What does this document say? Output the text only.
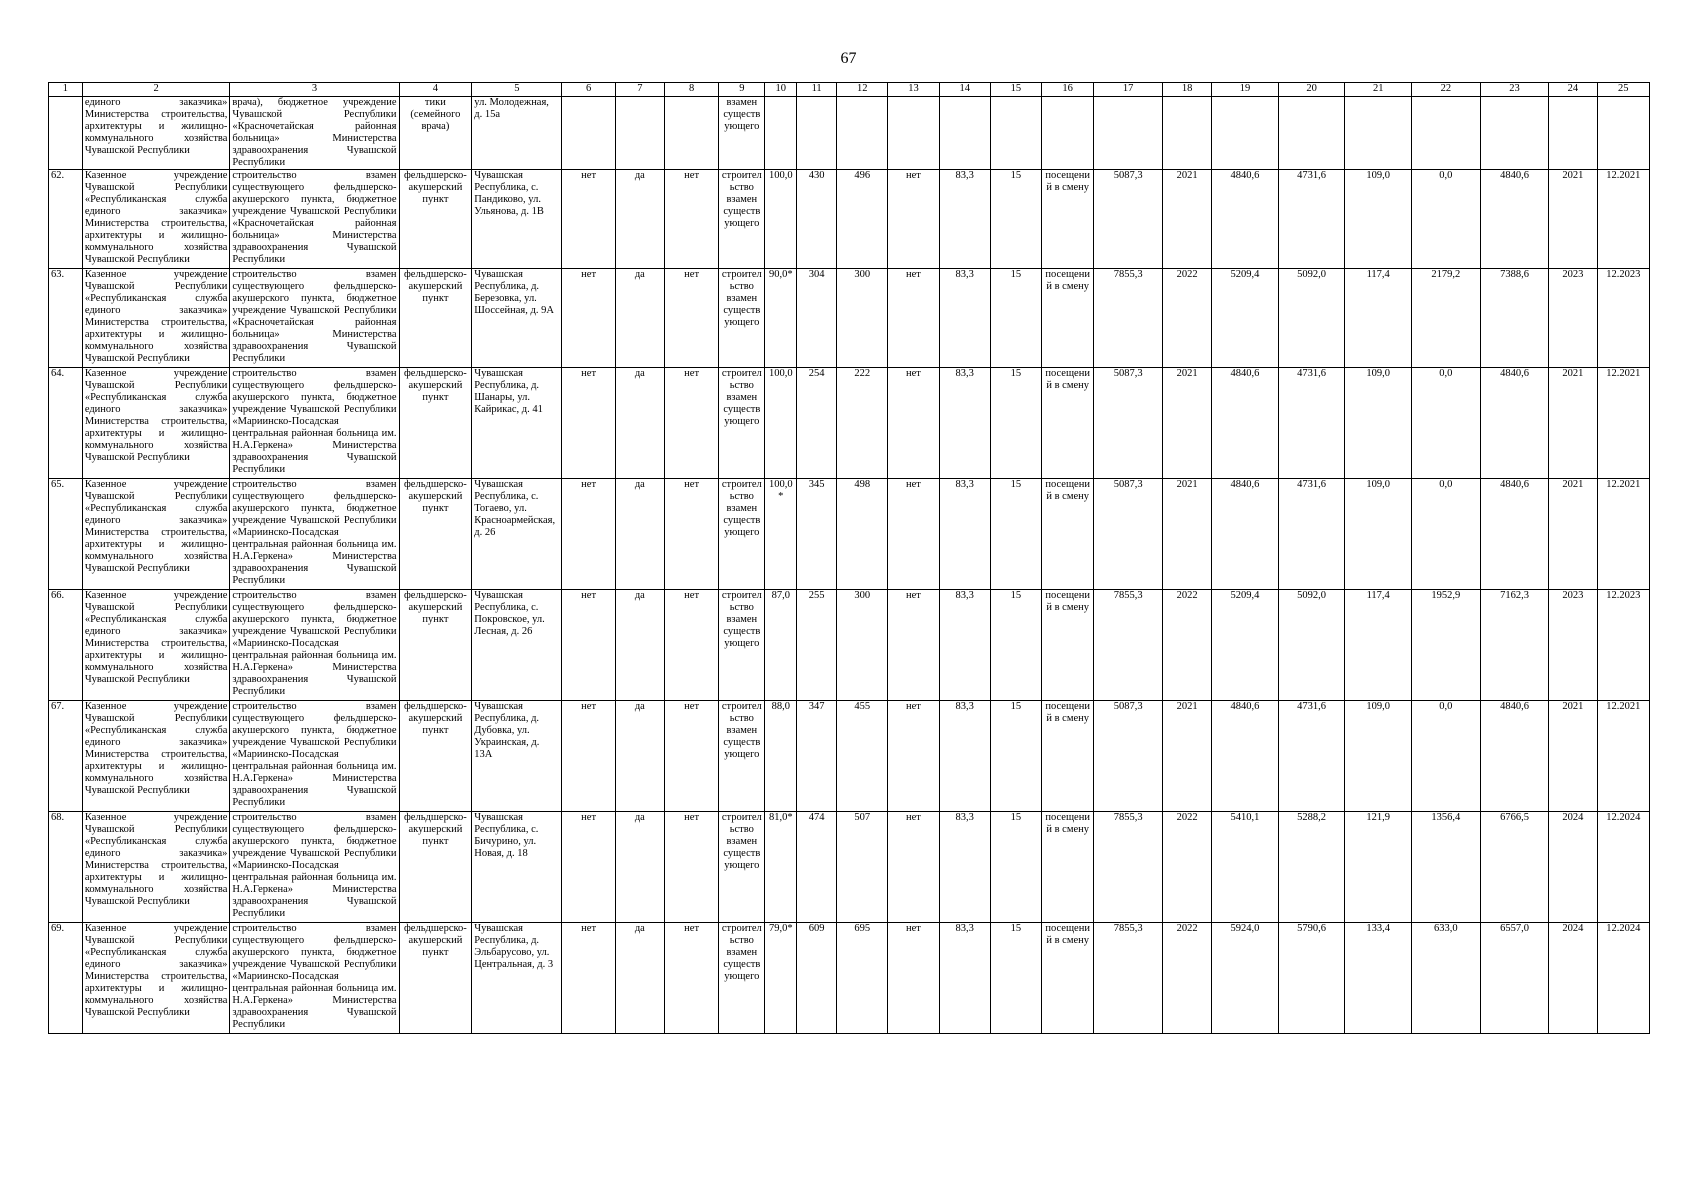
67
1	2	3	4	5	6	7	8	9	10	11	12	13	14	15	16	17	18	19	20	21	22	23	24	25
	единого заказчика» Министерства строительства, архитектуры и жилищно-коммунального хозяйства Чувашской Республики	врача), бюджетное учреждение Чувашской Республики «Красночетайская районная больница» Министерства здравоохранения Чувашской Республики	тики (семейного врача)	ул. Молодежная, д. 15а				взамен существующего																
62.	Казенное учреждение Чувашской Республики «Республиканская служба единого заказчика» Министерства строительства, архитектуры и жилищно-коммунального хозяйства Чувашской Республики	строительство взамен существующего фельдшерско-акушерского пункта, бюджетное учреждение Чувашской Республики «Красночетайская районная больница» Министерства здравоохранения Чувашской Республики	фельдшерско-акушерский пункт	Чувашская Республика, с. Пандиково, ул. Ульянова, д. 1В	нет	да	нет	строительство взамен существующего	100,0	430	496	нет	83,3	15	посещений в смену	5087,3	2021	4840,6	4731,6	109,0	0,0	4840,6	2021	12.2021
63.	Казенное учреждение Чувашской Республики «Республиканская служба единого заказчика» Министерства строительства, архитектуры и жилищно-коммунального хозяйства Чувашской Республики	строительство взамен существующего фельдшерско-акушерского пункта, бюджетное учреждение Чувашской Республики «Красночетайская районная больница» Министерства здравоохранения Чувашской Республики	фельдшерско-акушерский пункт	Чувашская Республика, д. Березовка, ул. Шоссейная, д. 9А	нет	да	нет	строительство взамен существующего	90,0*	304	300	нет	83,3	15	посещений в смену	7855,3	2022	5209,4	5092,0	117,4	2179,2	7388,6	2023	12.2023
64.	Казенное учреждение Чувашской Республики «Республиканская служба единого заказчика» Министерства строительства, архитектуры и жилищно-коммунального хозяйства Чувашской Республики	строительство взамен существующего фельдшерско-акушерского пункта, бюджетное учреждение Чувашской Республики «Мариинско-Посадская центральная районная больница им. Н.А.Геркена» Министерства здравоохранения Чувашской Республики	фельдшерско-акушерский пункт	Чувашская Республика, д. Шанары, ул. Кайрикас, д. 41	нет	да	нет	строительство взамен существующего	100,0	254	222	нет	83,3	15	посещений в смену	5087,3	2021	4840,6	4731,6	109,0	0,0	4840,6	2021	12.2021
65.	Казенное учреждение Чувашской Республики «Республиканская служба единого заказчика» Министерства строительства, архитектуры и жилищно-коммунального хозяйства Чувашской Республики	строительство взамен существующего фельдшерско-акушерского пункта, бюджетное учреждение Чувашской Республики «Мариинско-Посадская центральная районная больница им. Н.А.Геркена» Министерства здравоохранения Чувашской Республики	фельдшерско-акушерский пункт	Чувашская Республика, с. Тогаево, ул. Красноармейская, д. 26	нет	да	нет	строительство взамен существующего	100,0*	345	498	нет	83,3	15	посещений в смену	5087,3	2021	4840,6	4731,6	109,0	0,0	4840,6	2021	12.2021
66.	Казенное учреждение Чувашской Республики «Республиканская служба единого заказчика» Министерства строительства, архитектуры и жилищно-коммунального хозяйства Чувашской Республики	строительство взамен существующего фельдшерско-акушерского пункта, бюджетное учреждение Чувашской Республики «Мариинско-Посадская центральная районная больница им. Н.А.Геркена» Министерства здравоохранения Чувашской Республики	фельдшерско-акушерский пункт	Чувашская Республика, с. Покровское, ул. Лесная, д. 26	нет	да	нет	строительство взамен существующего	87,0	255	300	нет	83,3	15	посещений в смену	7855,3	2022	5209,4	5092,0	117,4	1952,9	7162,3	2023	12.2023
67.	Казенное учреждение Чувашской Республики «Республиканская служба единого заказчика» Министерства строительства, архитектуры и жилищно-коммунального хозяйства Чувашской Республики	строительство взамен существующего фельдшерско-акушерского пункта, бюджетное учреждение Чувашской Республики «Мариинско-Посадская центральная районная больница им. Н.А.Геркена» Министерства здравоохранения Чувашской Республики	фельдшерско-акушерский пункт	Чувашская Республика, д. Дубовка, ул. Украинская, д. 13А	нет	да	нет	строительство взамен существующего	88,0	347	455	нет	83,3	15	посещений в смену	5087,3	2021	4840,6	4731,6	109,0	0,0	4840,6	2021	12.2021
68.	Казенное учреждение Чувашской Республики «Республиканская служба единого заказчика» Министерства строительства, архитектуры и жилищно-коммунального хозяйства Чувашской Республики	строительство взамен существующего фельдшерско-акушерского пункта, бюджетное учреждение Чувашской Республики «Мариинско-Посадская центральная районная больница им. Н.А.Геркена» Министерства здравоохранения Чувашской Республики	фельдшерско-акушерский пункт	Чувашская Республика, с. Бичурино, ул. Новая, д. 18	нет	да	нет	строительство взамен существующего	81,0*	474	507	нет	83,3	15	посещений в смену	7855,3	2022	5410,1	5288,2	121,9	1356,4	6766,5	2024	12.2024
69.	Казенное учреждение Чувашской Республики «Республиканская служба единого заказчика» Министерства строительства, архитектуры и жилищно-коммунального хозяйства Чувашской Республики	строительство взамен существующего фельдшерско-акушерского пункта, бюджетное учреждение Чувашской Республики «Мариинско-Посадская центральная районная больница им. Н.А.Геркена» Министерства здравоохранения Чувашской Республики	фельдшерско-акушерский пункт	Чувашская Республика, д. Эльбарусово, ул. Центральная, д. 3	нет	да	нет	строительство взамен существующего	79,0*	609	695	нет	83,3	15	посещений в смену	7855,3	2022	5924,0	5790,6	133,4	633,0	6557,0	2024	12.2024
